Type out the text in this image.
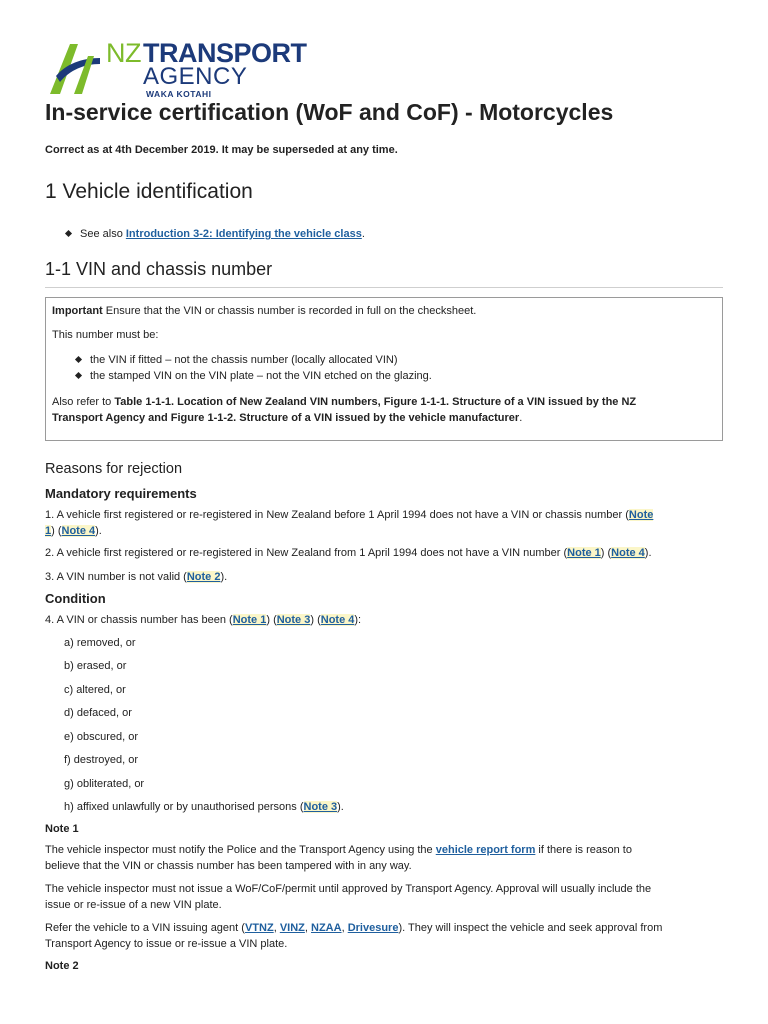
NZ TRANSPORT
AGENCY
WAKA KOTAHI
In-service certification (WoF and CoF) - Motorcycles
Correct as at 4th December 2019. It may be superseded at any time.
1 Vehicle identification
See also Introduction 3-2: Identifying the vehicle class.
1-1 VIN and chassis number
Important Ensure that the VIN or chassis number is recorded in full on the checksheet.
This number must be:
the VIN if fitted – not the chassis number (locally allocated VIN)
the stamped VIN on the VIN plate – not the VIN etched on the glazing.
Also refer to Table 1-1-1. Location of New Zealand VIN numbers, Figure 1-1-1. Structure of a VIN issued by the NZ
Transport Agency and Figure 1-1-2. Structure of a VIN issued by the vehicle manufacturer.
Reasons for rejection
Mandatory requirements
1. A vehicle first registered or re-registered in New Zealand before 1 April 1994 does not have a VIN or chassis number (Note
1) (Note 4).
2. A vehicle first registered or re-registered in New Zealand from 1 April 1994 does not have a VIN number (Note 1) (Note 4).
3. A VIN number is not valid (Note 2).
Condition
4. A VIN or chassis number has been (Note 1) (Note 3) (Note 4):
a) removed, or
b) erased, or
c) altered, or
d) defaced, or
e) obscured, or
f) destroyed, or
g) obliterated, or
h) affixed unlawfully or by unauthorised persons (Note 3).
Note 1
The vehicle inspector must notify the Police and the Transport Agency using the vehicle report form if there is reason to
believe that the VIN or chassis number has been tampered with in any way.
The vehicle inspector must not issue a WoF/CoF/permit until approved by Transport Agency. Approval will usually include the
issue or re-issue of a new VIN plate.
Refer the vehicle to a VIN issuing agent (VTNZ, VINZ, NZAA, Drivesure). They will inspect the vehicle and seek approval from
Transport Agency to issue or re-issue a VIN plate.
Note 2
